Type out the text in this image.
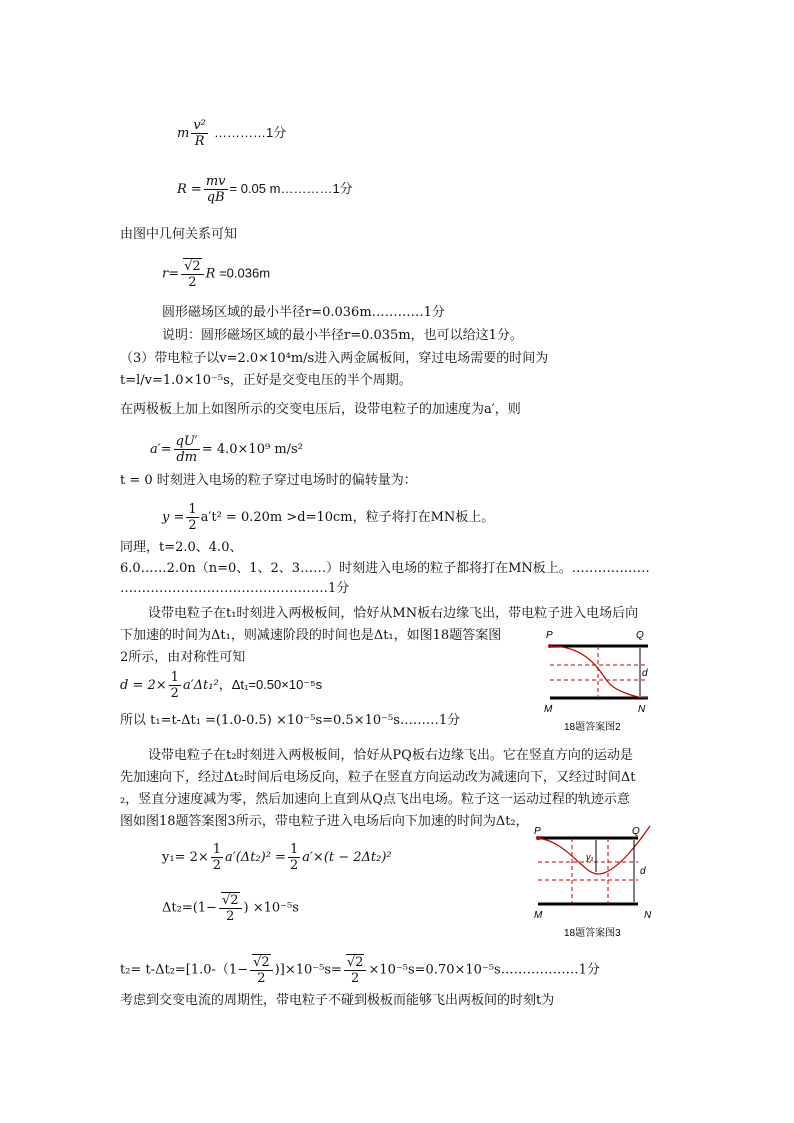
m $\frac{\text{v²}}{R}$ …………1分
$R = \frac{mv}{qB} = 0.05$ m…………1分
由图中几何关系可知
$r= \frac{√2}{2}$ R =0.036m
圆形磁场区域的最小半径r=0.036m…………1分
说明：圆形磁场区域的最小半径r=0.035m，也可以给这1分。
（3）带电粒子以v=2.0×10⁴m/s进入两金属板间，穿过电场需要的时间为
t=l/v=1.0×10⁻⁵s，正好是交变电压的半个周期。
在两极板上加上如图所示的交变电压后，设带电粒子的加速度为a′，则
$a'= \frac{qU'}{dm} = 4.0\times 10^9$ m/s²
t = 0 时刻进入电场的粒子穿过电场时的偏转量为：
$y = \frac{1}{2} a't^2 = 0.20m >d=10cm$，粒子将打在MN板上。
同理，t=2.0、4.0、
6.0……2.0n（n=0、1、2、3……）时刻进入电场的粒子都将打在MN板上。………………
…………………………………………1分
设带电粒子在t₁时刻进入两极板间，恰好从MN板右边缘飞出，带电粒子进入电场后向
下加速的时间为Δt₁，则减速阶段的时间也是Δt₁，如图18题答案图
2所示，由对称性可知
$d = 2\times \frac{1}{2} a'\Delta t_1^2$，Δt₁=0.50×10⁻⁵s
所以 t₁=t-Δt₁ =(1.0-0.5) ×10⁻⁵s=0.5×10⁻⁵s………1分
P	Q
d
M	N
18题答案图2
设带电粒子在t₂时刻进入两极板间，恰好从PQ板右边缘飞出。它在竖直方向的运动是
先加速向下，经过Δt₂时间后电场反向，粒子在竖直方向运动改为减速向下，又经过时间Δt
₂，竖直分速度减为零，然后加速向上直到从Q点飞出电场。粒子这一运动过程的轨迹示意
图如图18题答案图3所示，带电粒子进入电场后向下加速的时间为Δt₂，
$y_1= 2\times \frac{1}{2} a'(\Delta t_2)^2 = \frac{1}{2} a'\times(t - 2\Delta t_2)^2$
$\Delta t_2=(1- \frac{√2}{2}$ ) ×10⁻⁵s
P	Q
y₁
d
M	N
18题答案图3
$t_2= t-\Delta t_2=[1.0-(1- \frac{√2}{2} )]\times 10^{-5}s= \frac{√2}{2}$ ×10⁻⁵s=0.70×10⁻⁵s………………1分
考虑到交变电流的周期性，带电粒子不碰到极板而能够飞出两板间的时刻t为
